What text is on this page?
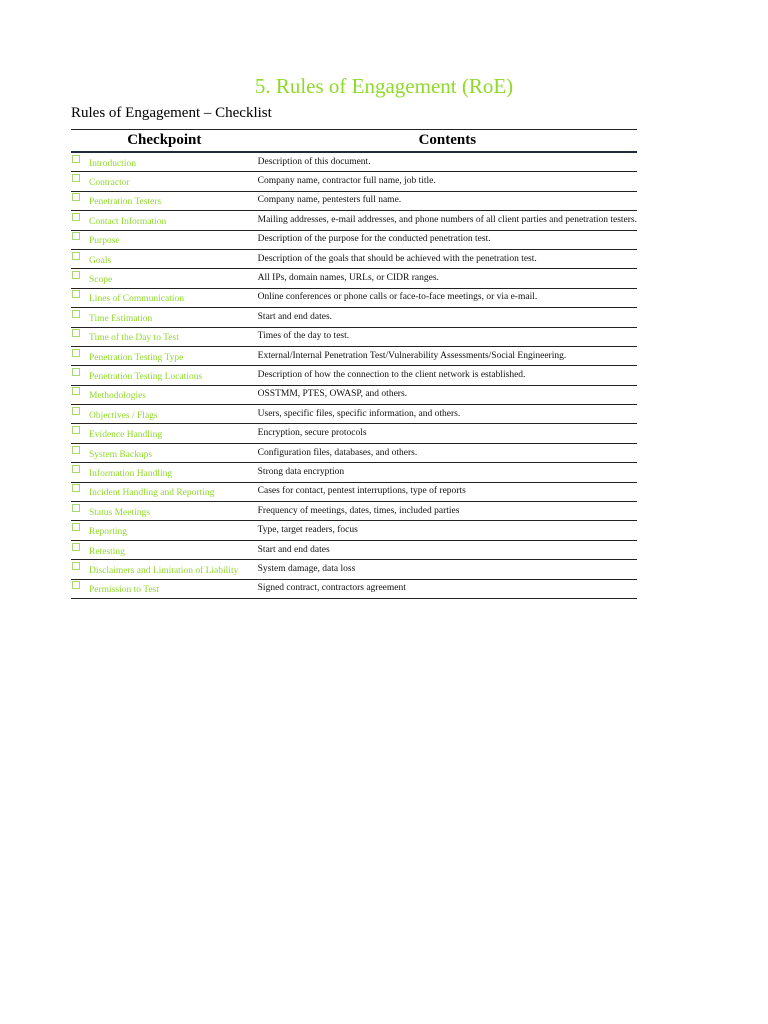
5. Rules of Engagement (RoE)
Rules of Engagement – Checklist
Checkpoint	Contents
Introduction	Description of this document.
Contractor	Company name, contractor full name, job title.
Penetration Testers	Company name, pentesters full name.
Contact Information	Mailing addresses, e-mail addresses, and phone numbers of all client parties and penetration testers.
Purpose	Description of the purpose for the conducted penetration test.
Goals	Description of the goals that should be achieved with the penetration test.
Scope	All IPs, domain names, URLs, or CIDR ranges.
Lines of Communication	Online conferences or phone calls or face-to-face meetings, or via e-mail.
Time Estimation	Start and end dates.
Time of the Day to Test	Times of the day to test.
Penetration Testing Type	External/Internal Penetration Test/Vulnerability Assessments/Social Engineering.
Penetration Testing Locations	Description of how the connection to the client network is established.
Methodologies	OSSTMM, PTES, OWASP, and others.
Objectives / Flags	Users, specific files, specific information, and others.
Evidence Handling	Encryption, secure protocols
System Backups	Configuration files, databases, and others.
Information Handling	Strong data encryption
Incident Handling and Reporting	Cases for contact, pentest interruptions, type of reports
Status Meetings	Frequency of meetings, dates, times, included parties
Reporting	Type, target readers, focus
Retesting	Start and end dates
Disclaimers and Limitation of Liability	System damage, data loss
Permission to Test	Signed contract, contractors agreement
